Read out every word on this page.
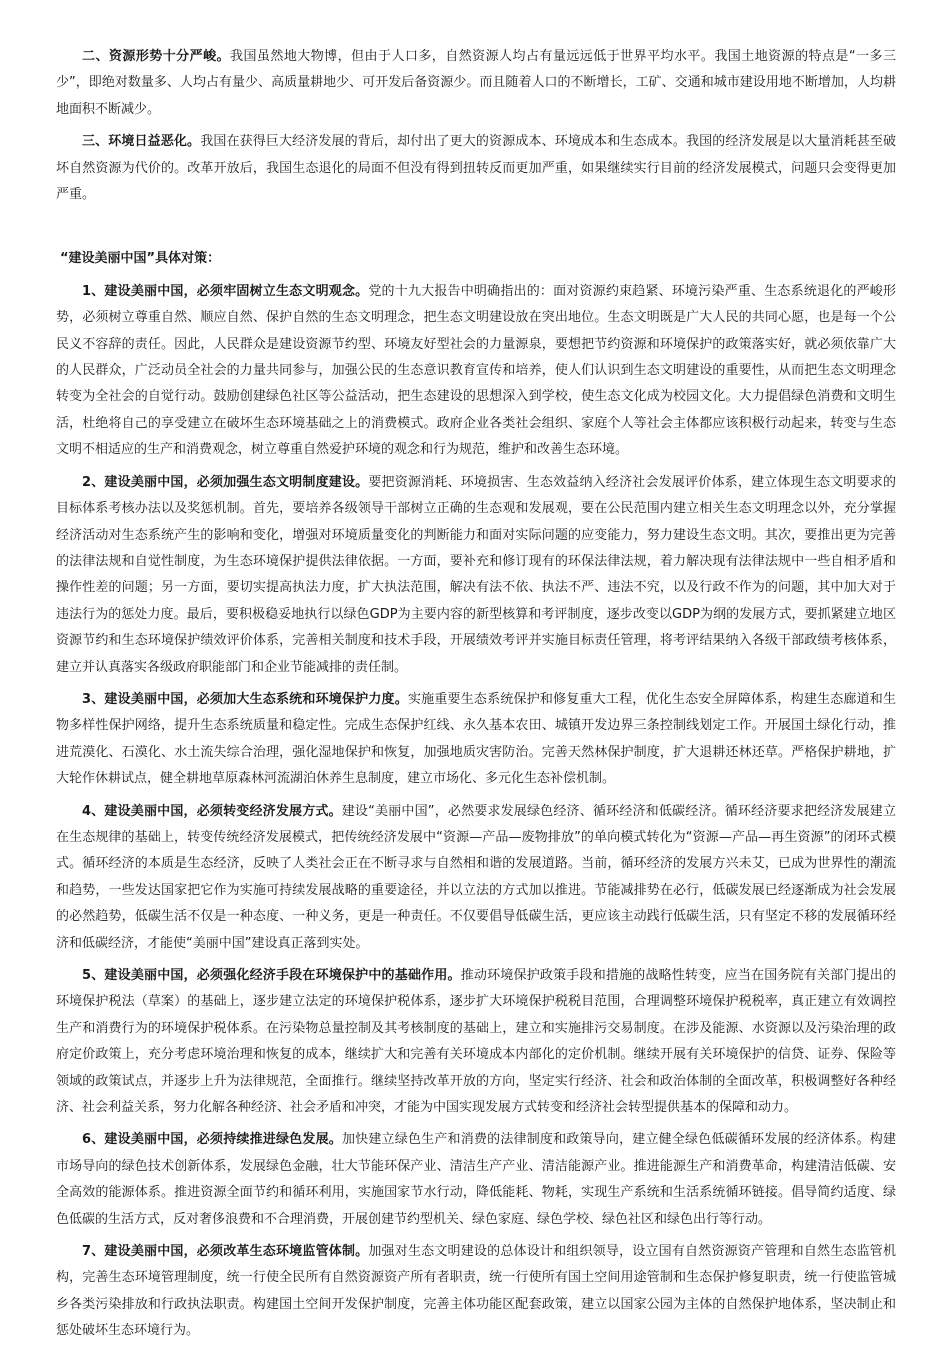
二、资源形势十分严峻。我国虽然地大物博，但由于人口多，自然资源人均占有量远远低于世界平均水平。我国土地资源的特点是“一多三少”，即绝对数量多、人均占有量少、高质量耕地少、可开发后备资源少。而且随着人口的不断增长，工矿、交通和城市建设用地不断增加，人均耕地面积不断减少。

三、环境日益恶化。我国在获得巨大经济发展的背后，却付出了更大的资源成本、环境成本和生态成本。我国的经济发展是以大量消耗甚至破坏自然资源为代价的。改革开放后，我国生态退化的局面不但没有得到扭转反而更加严重，如果继续实行目前的经济发展模式，问题只会变得更加严重。

“建设美丽中国”具体对策：

1、建设美丽中国，必须牢固树立生态文明观念。党的十九大报告中明确指出的：面对资源约束趋紧、环境污染严重、生态系统退化的严峻形势，必须树立尊重自然、顺应自然、保护自然的生态文明理念，把生态文明建设放在突出地位。生态文明既是广大人民的共同心愿，也是每一个公民义不容辞的责任。因此，人民群众是建设资源节约型、环境友好型社会的力量源泉，要想把节约资源和环境保护的政策落实好，就必须依靠广大的人民群众，广泛动员全社会的力量共同参与，加强公民的生态意识教育宣传和培养，使人们认识到生态文明建设的重要性，从而把生态文明理念转变为全社会的自觉行动。鼓励创建绿色社区等公益活动，把生态建设的思想深入到学校，使生态文化成为校园文化。大力提倡绿色消费和文明生活，杜绝将自己的享受建立在破坏生态环境基础之上的消费模式。政府企业各类社会组织、家庭个人等社会主体都应该积极行动起来，转变与生态文明不相适应的生产和消费观念，树立尊重自然爱护环境的观念和行为规范，维护和改善生态环境。

2、建设美丽中国，必须加强生态文明制度建设。要把资源消耗、环境损害、生态效益纳入经济社会发展评价体系，建立体现生态文明要求的目标体系考核办法以及奖惩机制。首先，要培养各级领导干部树立正确的生态观和发展观，要在公民范围内建立相关生态文明理念以外，充分掌握经济活动对生态系统产生的影响和变化，增强对环境质量变化的判断能力和面对实际问题的应变能力，努力建设生态文明。其次，要推出更为完善的法律法规和自觉性制度，为生态环境保护提供法律依据。一方面，要补充和修订现有的环保法律法规，着力解决现有法律法规中一些自相矛盾和操作性差的问题；另一方面，要切实提高执法力度，扩大执法范围，解决有法不依、执法不严、违法不究，以及行政不作为的问题，其中加大对于违法行为的惩处力度。最后，要积极稳妥地执行以绿色GDP为主要内容的新型核算和考评制度，逐步改变以GDP为纲的发展方式，要抓紧建立地区资源节约和生态环境保护绩效评价体系，完善相关制度和技术手段，开展绩效考评并实施目标责任管理，将考评结果纳入各级干部政绩考核体系，建立并认真落实各级政府职能部门和企业节能减排的责任制。

3、建设美丽中国，必须加大生态系统和环境保护力度。实施重要生态系统保护和修复重大工程，优化生态安全屏障体系，构建生态廊道和生物多样性保护网络，提升生态系统质量和稳定性。完成生态保护红线、永久基本农田、城镇开发边界三条控制线划定工作。开展国土绿化行动，推进荒漠化、石漠化、水土流失综合治理，强化湿地保护和恢复，加强地质灾害防治。完善天然林保护制度，扩大退耕还林还草。严格保护耕地，扩大轮作休耕试点，健全耕地草原森林河流湖泊休养生息制度，建立市场化、多元化生态补偿机制。

4、建设美丽中国，必须转变经济发展方式。建设“美丽中国”，必然要求发展绿色经济、循环经济和低碳经济。循环经济要求把经济发展建立在生态规律的基础上，转变传统经济发展模式，把传统经济发展中“资源—产品—废物排放”的单向模式转化为“资源—产品—再生资源”的闭环式模式。循环经济的本质是生态经济，反映了人类社会正在不断寻求与自然相和谐的发展道路。当前，循环经济的发展方兴未艾，已成为世界性的潮流和趋势，一些发达国家把它作为实施可持续发展战略的重要途径，并以立法的方式加以推进。节能减排势在必行，低碳发展已经逐渐成为社会发展的必然趋势，低碳生活不仅是一种态度、一种义务，更是一种责任。不仅要倡导低碳生活，更应该主动践行低碳生活，只有坚定不移的发展循环经济和低碳经济，才能使“美丽中国”建设真正落到实处。

5、建设美丽中国，必须强化经济手段在环境保护中的基础作用。推动环境保护政策手段和措施的战略性转变，应当在国务院有关部门提出的环境保护税法（草案）的基础上，逐步建立法定的环境保护税体系，逐步扩大环境保护税税目范围，合理调整环境保护税税率，真正建立有效调控生产和消费行为的环境保护税体系。在污染物总量控制及其考核制度的基础上，建立和实施排污交易制度。在涉及能源、水资源以及污染治理的政府定价政策上，充分考虑环境治理和恢复的成本，继续扩大和完善有关环境成本内部化的定价机制。继续开展有关环境保护的信贷、证券、保险等领域的政策试点，并逐步上升为法律规范，全面推行。继续坚持改革开放的方向，坚定实行经济、社会和政治体制的全面改革，积极调整好各种经济、社会利益关系，努力化解各种经济、社会矛盾和冲突，才能为中国实现发展方式转变和经济社会转型提供基本的保障和动力。

6、建设美丽中国，必须持续推进绿色发展。加快建立绿色生产和消费的法律制度和政策导向，建立健全绿色低碳循环发展的经济体系。构建市场导向的绿色技术创新体系，发展绿色金融，壮大节能环保产业、清洁生产产业、清洁能源产业。推进能源生产和消费革命，构建清洁低碳、安全高效的能源体系。推进资源全面节约和循环利用，实施国家节水行动，降低能耗、物耗，实现生产系统和生活系统循环链接。倡导简约适度、绿色低碳的生活方式，反对奢侈浪费和不合理消费，开展创建节约型机关、绿色家庭、绿色学校、绿色社区和绿色出行等行动。

7、建设美丽中国，必须改革生态环境监管体制。加强对生态文明建设的总体设计和组织领导，设立国有自然资源资产管理和自然生态监管机构，完善生态环境管理制度，统一行使全民所有自然资源资产所有者职责，统一行使所有国土空间用途管制和生态保护修复职责，统一行使监管城乡各类污染排放和行政执法职责。构建国土空间开发保护制度，完善主体功能区配套政策，建立以国家公园为主体的自然保护地体系，坚决制止和惩处破坏生态环境行为。
